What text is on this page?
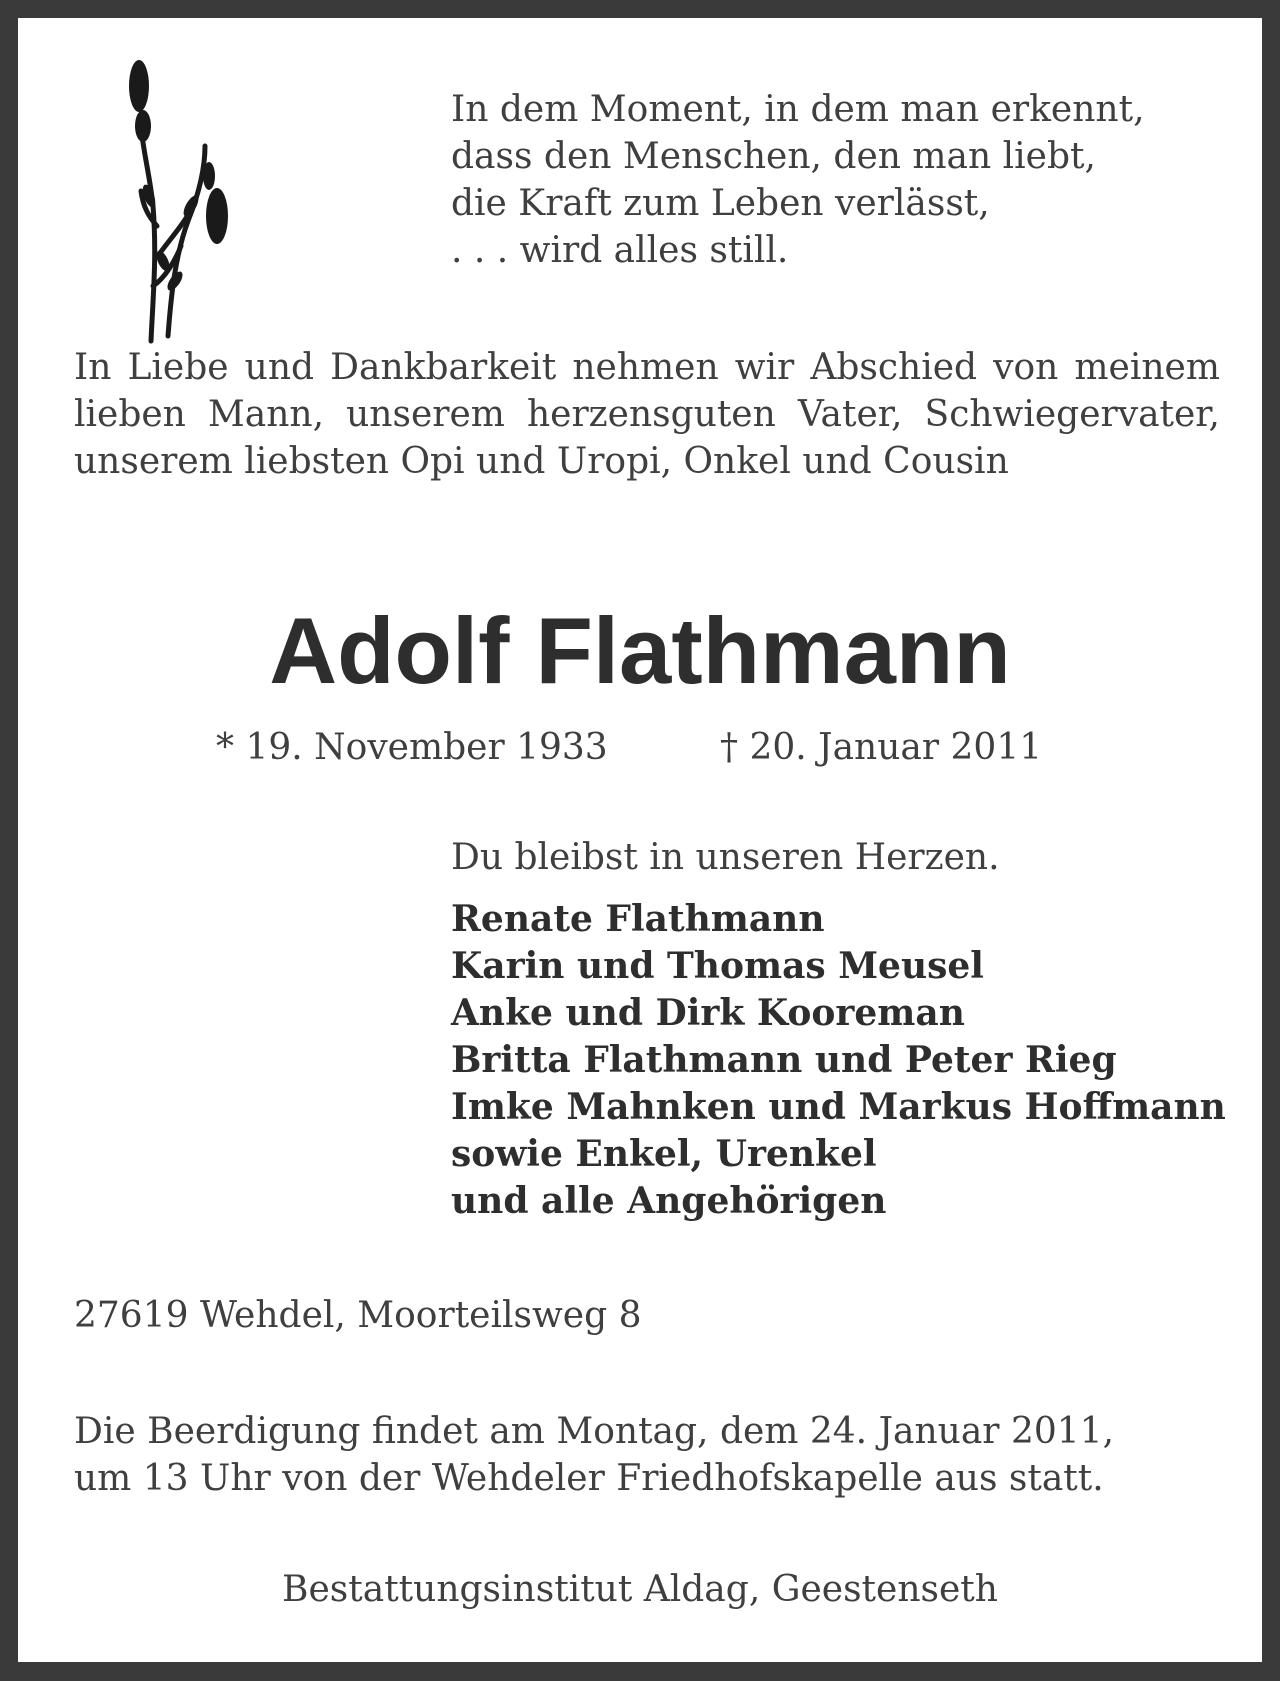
In dem Moment, in dem man erkennt,
dass den Menschen, den man liebt,
die Kraft zum Leben verlässt,
. . . wird alles still.
In Liebe und Dankbarkeit nehmen wir Abschied von meinem lieben Mann, unserem herzensguten Vater, Schwiegervater, unserem liebsten Opi und Uropi, Onkel und Cousin
Adolf Flathmann
* 19. November 1933	† 20. Januar 2011
Du bleibst in unseren Herzen.
Renate Flathmann
Karin und Thomas Meusel
Anke und Dirk Kooreman
Britta Flathmann und Peter Rieg
Imke Mahnken und Markus Hoffmann
sowie Enkel, Urenkel
und alle Angehörigen
27619 Wehdel, Moorteilsweg 8
Die Beerdigung findet am Montag, dem 24. Januar 2011,
um 13 Uhr von der Wehdeler Friedhofskapelle aus statt.
Bestattungsinstitut Aldag, Geestenseth
